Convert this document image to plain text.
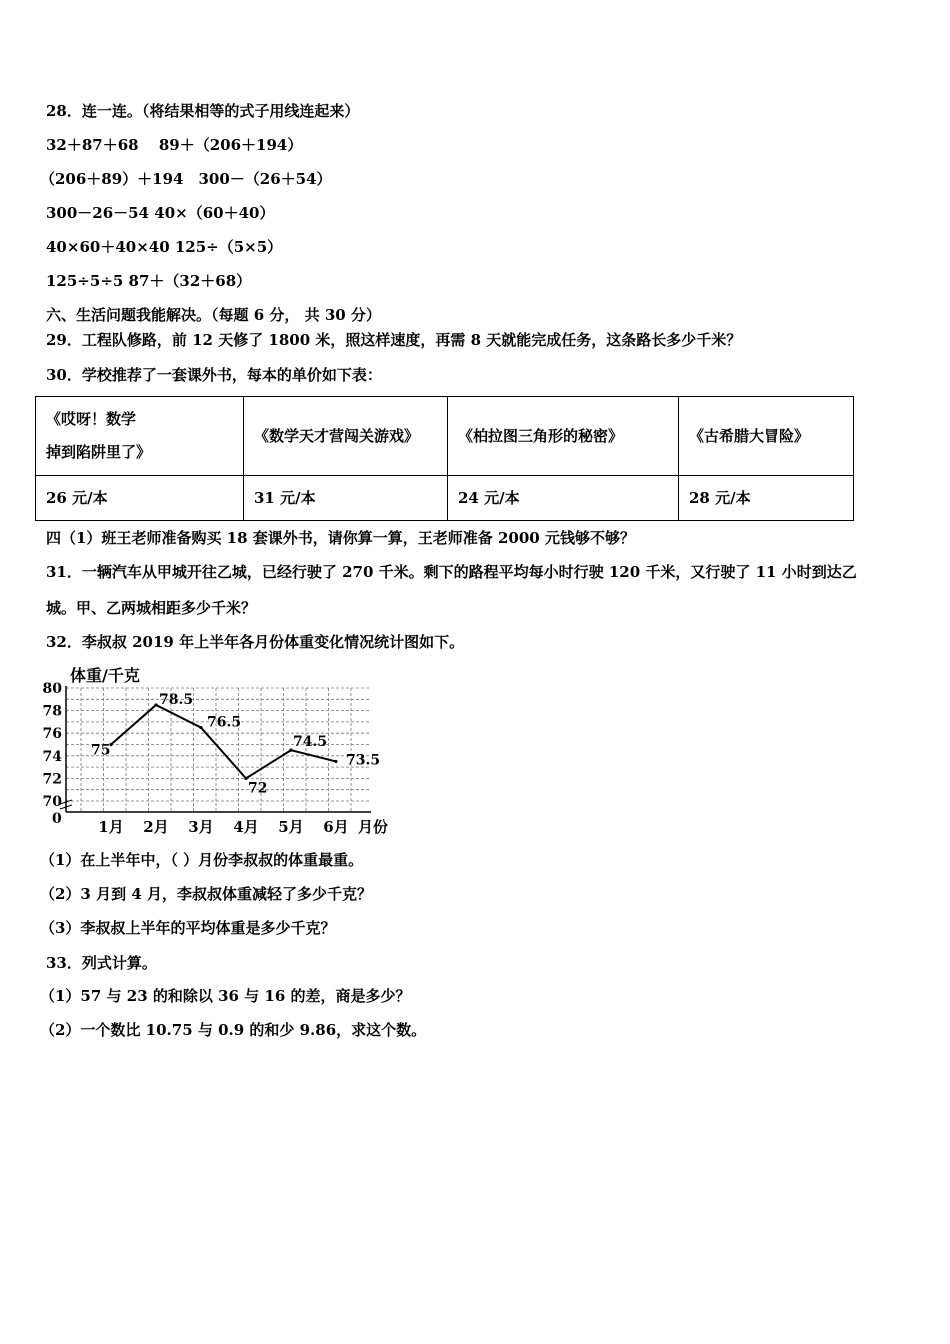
28．连一连。（将结果相等的式子用线连起来）
32＋87＋68　 89＋（206＋194）
（206＋89）＋194　300－（26＋54）
300－26－54 40×（60＋40）
40×60＋40×40 125÷（5×5）
125÷5÷5 87＋（32＋68）
六、生活问题我能解决。（每题 6 分， 共 30 分）
29．工程队修路，前 12 天修了 1800 米，照这样速度，再需 8 天就能完成任务，这条路长多少千米？
30．学校推荐了一套课外书，每本的单价如下表：
《哎呀！数学
掉到陷阱里了》	《数学天才营闯关游戏》	《柏拉图三角形的秘密》	《古希腊大冒险》
26 元/本	31 元/本	24 元/本	28 元/本
四（1）班王老师准备购买 18 套课外书，请你算一算，王老师准备 2000 元钱够不够？
31．一辆汽车从甲城开往乙城，已经行驶了 270 千米。剩下的路程平均每小时行驶 120 千米，又行驶了 11 小时到达乙
城。甲、乙两城相距多少千米？
32．李叔叔 2019 年上半年各月份体重变化情况统计图如下。
体重/千克
月份
0
70
72
74
76
78
80
1月 2月 3月 4月 5月 6月
75
78.5
76.5
72
74.5
73.5
（1）在上半年中，（ ）月份李叔叔的体重最重。
（2）3 月到 4 月，李叔叔体重减轻了多少千克？
（3）李叔叔上半年的平均体重是多少千克？
33．列式计算。
（1）57 与 23 的和除以 36 与 16 的差，商是多少？
（2）一个数比 10.75 与 0.9 的和少 9.86，求这个数。
